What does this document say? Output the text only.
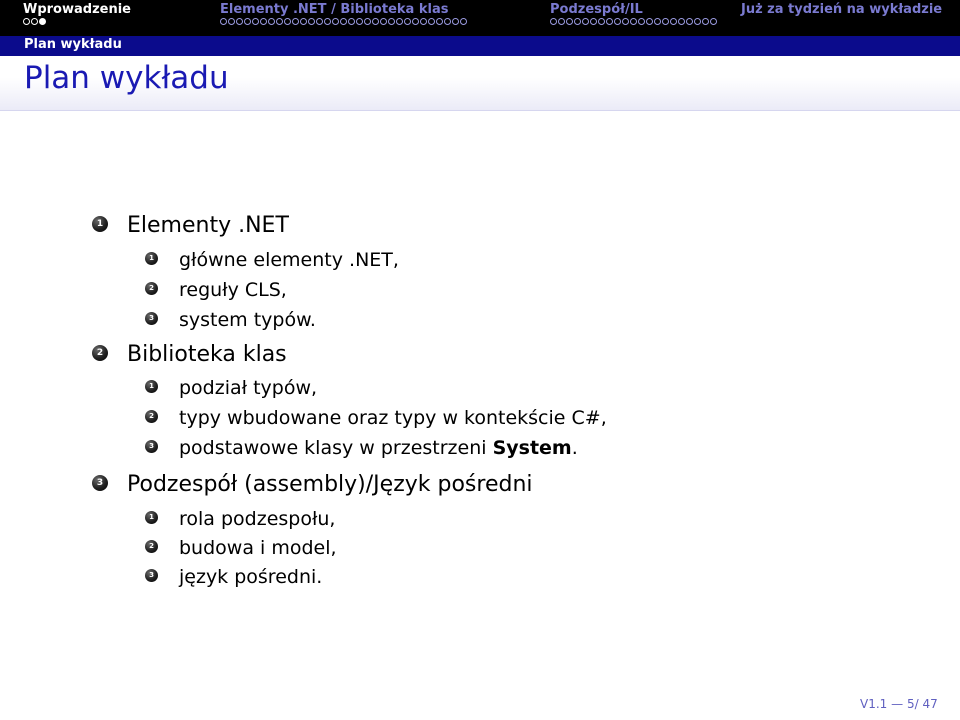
Wprowadzenie	Elementy .NET / Biblioteka klas	Podzespół/IL	Już za tydzień na wykładzie
Plan wykładu
Plan wykładu
1 Elementy .NET
1 główne elementy .NET,
2 reguły CLS,
3 system typów.
2 Biblioteka klas
1 podział typów,
2 typy wbudowane oraz typy w kontekście C#,
3 podstawowe klasy w przestrzeni System.
3 Podzespół (assembly)/Język pośredni
1 rola podzespołu,
2 budowa i model,
3 język pośredni.
V1.1 — 5/ 47
